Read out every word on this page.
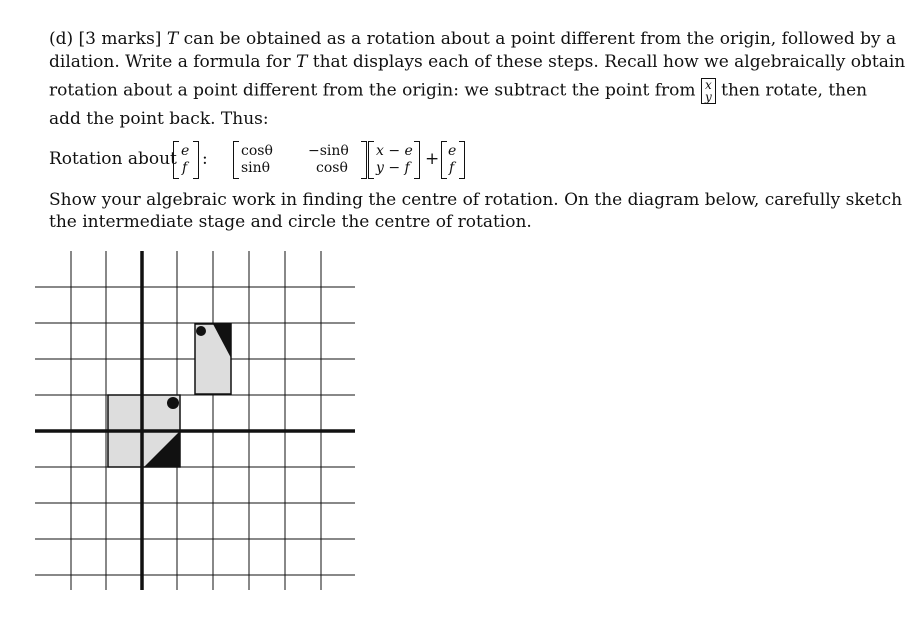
(d) [3 marks] T can be obtained as a rotation about a point different from the origin, followed by a
dilation. Write a formula for T that displays each of these steps. Recall how we algebraically obtain
rotation about a point different from the origin: we subtract the point from x
y then rotate, then
add the point back. Thus:
Rotation about e
f : cosθ	−sinθ
sinθ	cosθ
x − e
y − f + e
f
Show your algebraic work in finding the centre of rotation. On the diagram below, carefully sketch
the intermediate stage and circle the centre of rotation.
